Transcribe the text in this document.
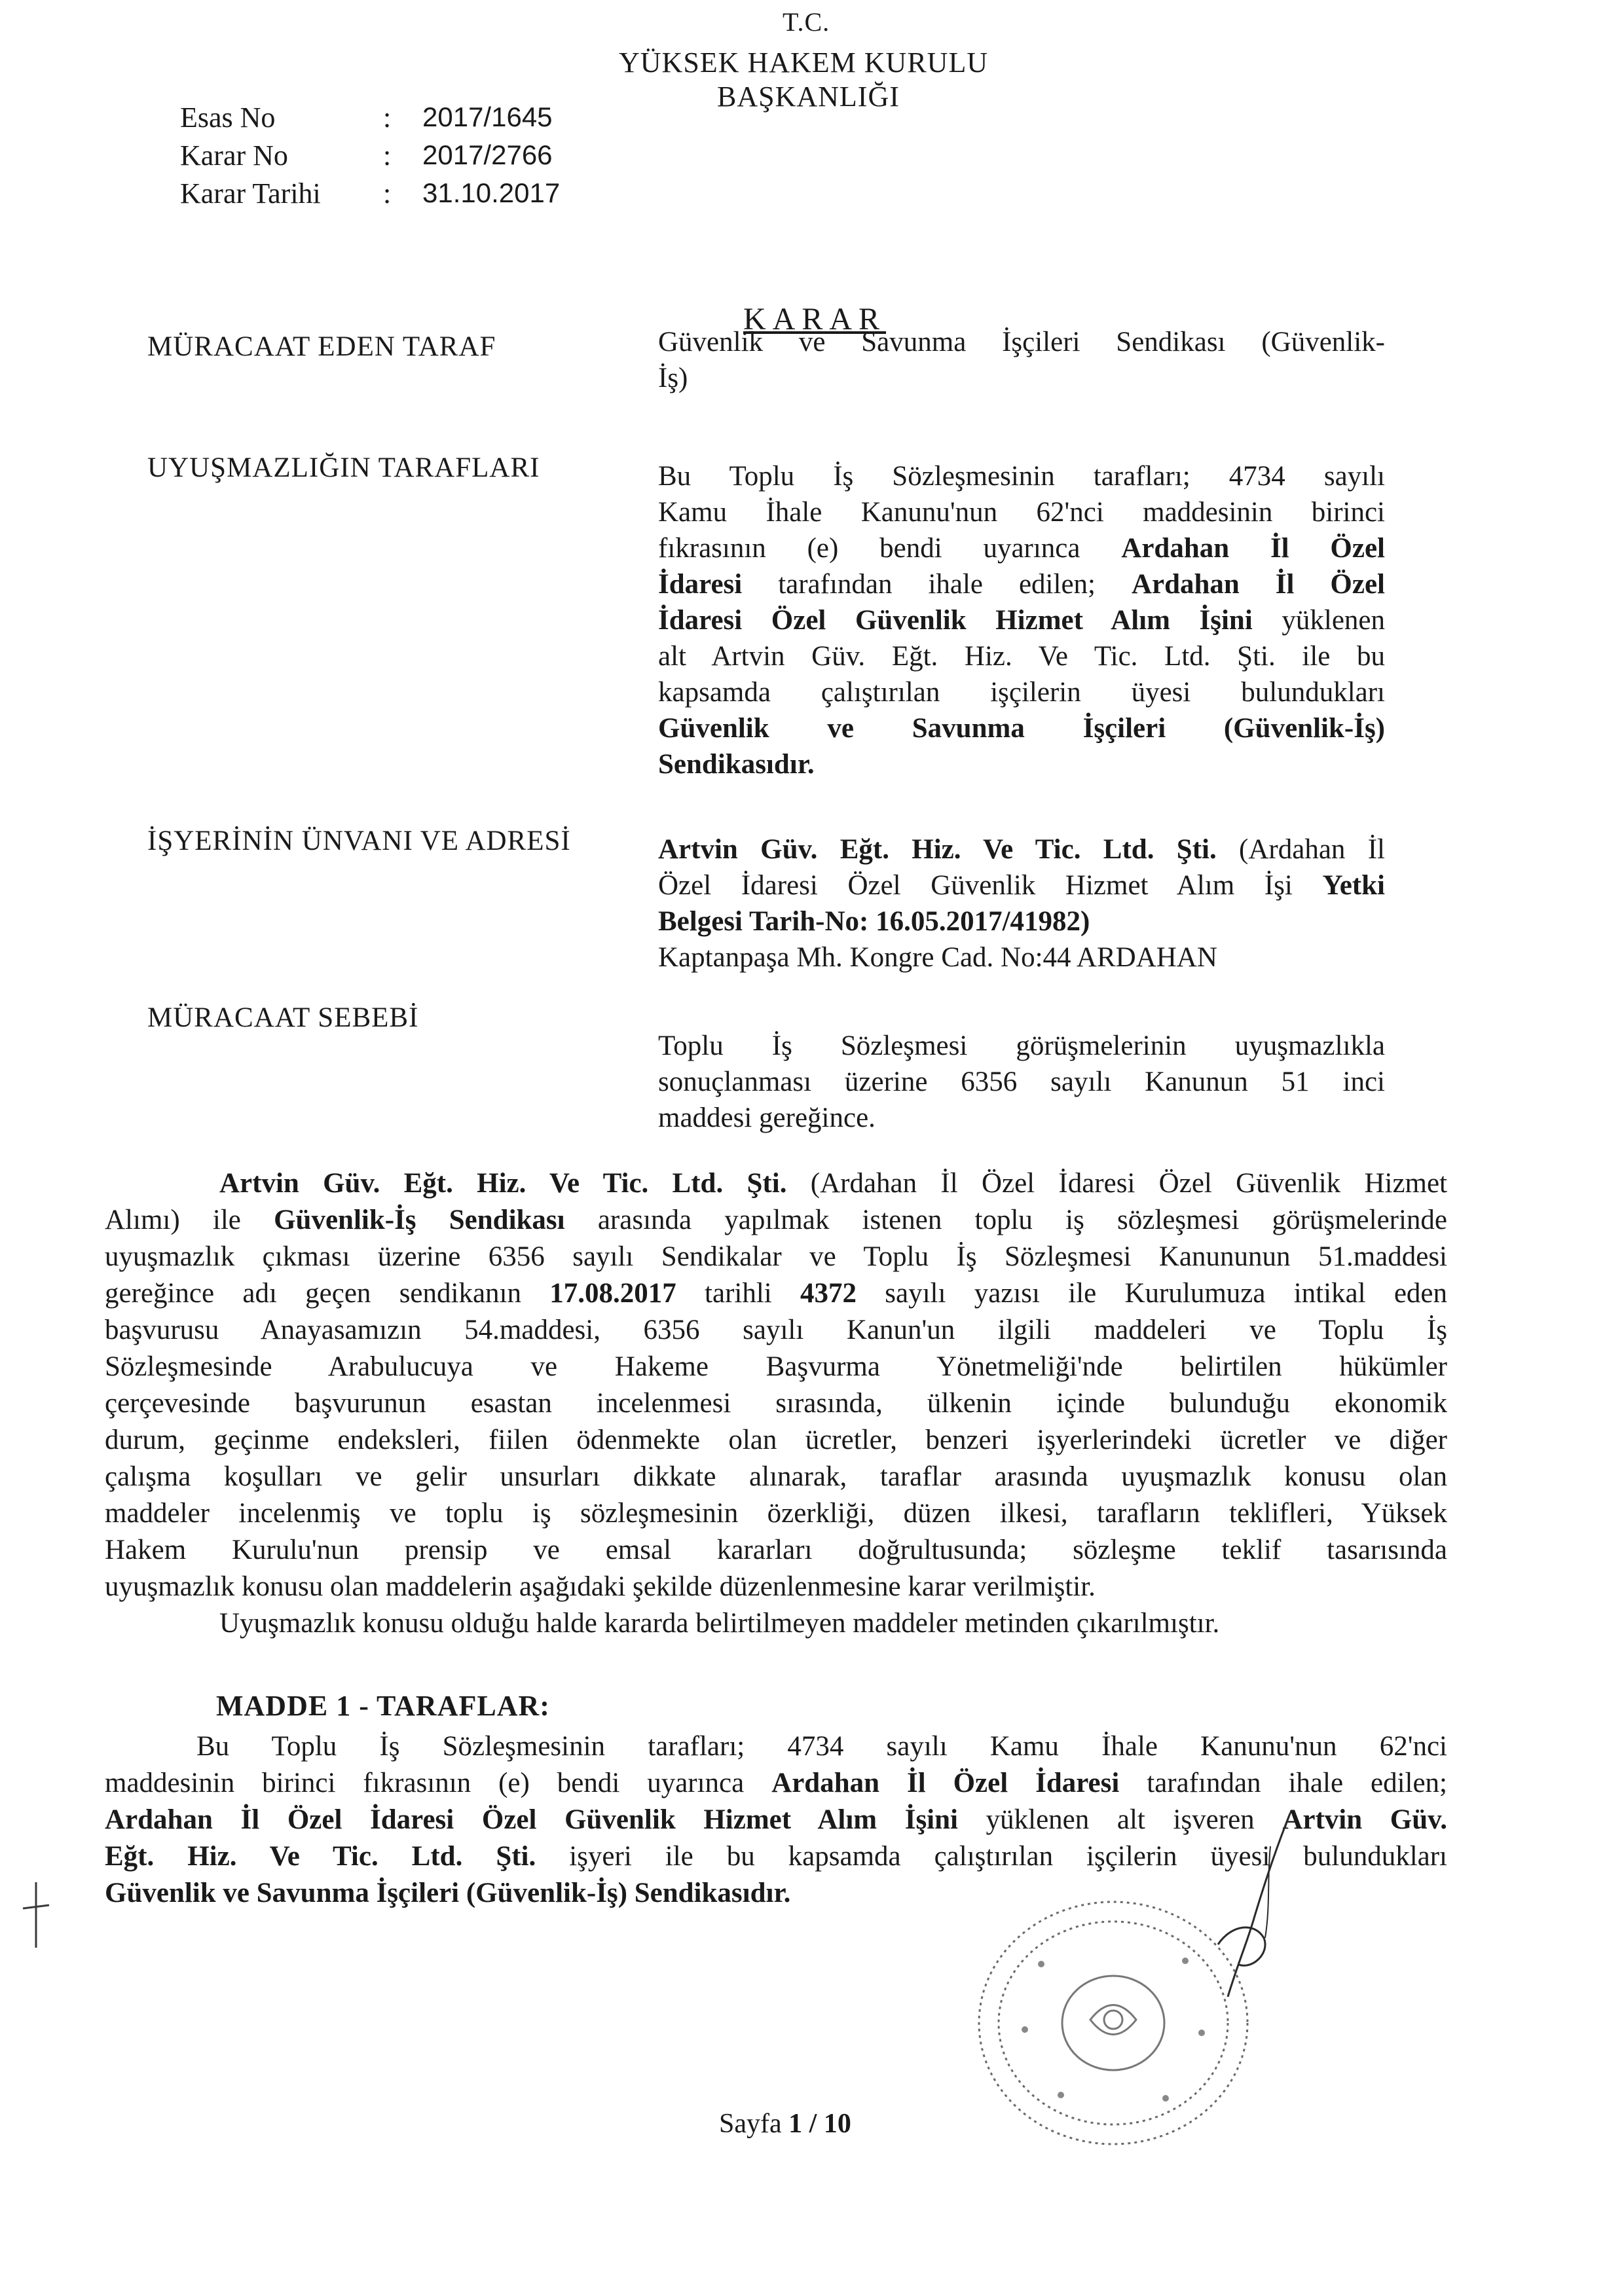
T.C.
YÜKSEK HAKEM KURULU
BAŞKANLIĞI
Esas No	:	2017/1645
Karar No	:	2017/2766
Karar Tarihi	:	31.10.2017
KARAR
MÜRACAAT EDEN TARAF	Güvenlik ve Savunma İşçileri Sendikası (Güvenlik-
İş)
UYUŞMAZLIĞIN TARAFLARI	Bu Toplu İş Sözleşmesinin tarafları; 4734 sayılı
Kamu İhale Kanunu'nun 62'nci maddesinin birinci
fıkrasının (e) bendi uyarınca Ardahan İl Özel
İdaresi tarafından ihale edilen; Ardahan İl Özel
İdaresi Özel Güvenlik Hizmet Alım İşini yüklenen
alt Artvin Güv. Eğt. Hiz. Ve Tic. Ltd. Şti. ile bu
kapsamda çalıştırılan işçilerin üyesi bulundukları
Güvenlik ve Savunma İşçileri (Güvenlik-İş)
Sendikasıdır.
İŞYERİNİN ÜNVANI VE ADRESİ	Artvin Güv. Eğt. Hiz. Ve Tic. Ltd. Şti. (Ardahan İl
Özel İdaresi Özel Güvenlik Hizmet Alım İşi Yetki
Belgesi Tarih-No: 16.05.2017/41982)
Kaptanpaşa Mh. Kongre Cad. No:44 ARDAHAN
MÜRACAAT SEBEBİ
Toplu İş Sözleşmesi görüşmelerinin uyuşmazlıkla
sonuçlanması üzerine 6356 sayılı Kanunun 51 inci
maddesi gereğince.
Artvin Güv. Eğt. Hiz. Ve Tic. Ltd. Şti. (Ardahan İl Özel İdaresi Özel Güvenlik Hizmet
Alımı) ile Güvenlik-İş Sendikası arasında yapılmak istenen toplu iş sözleşmesi görüşmelerinde
uyuşmazlık çıkması üzerine 6356 sayılı Sendikalar ve Toplu İş Sözleşmesi Kanununun 51.maddesi
gereğince adı geçen sendikanın 17.08.2017 tarihli 4372 sayılı yazısı ile Kurulumuza intikal eden
başvurusu Anayasamızın 54.maddesi, 6356 sayılı Kanun'un ilgili maddeleri ve Toplu İş
Sözleşmesinde Arabulucuya ve Hakeme Başvurma Yönetmeliği'nde belirtilen hükümler
çerçevesinde başvurunun esastan incelenmesi sırasında, ülkenin içinde bulunduğu ekonomik
durum, geçinme endeksleri, fiilen ödenmekte olan ücretler, benzeri işyerlerindeki ücretler ve diğer
çalışma koşulları ve gelir unsurları dikkate alınarak, taraflar arasında uyuşmazlık konusu olan
maddeler incelenmiş ve toplu iş sözleşmesinin özerkliği, düzen ilkesi, tarafların teklifleri, Yüksek
Hakem Kurulu'nun prensip ve emsal kararları doğrultusunda; sözleşme teklif tasarısında
uyuşmazlık konusu olan maddelerin aşağıdaki şekilde düzenlenmesine karar verilmiştir.
Uyuşmazlık konusu olduğu halde kararda belirtilmeyen maddeler metinden çıkarılmıştır.
MADDE 1 - TARAFLAR:
Bu Toplu İş Sözleşmesinin tarafları; 4734 sayılı Kamu İhale Kanunu'nun 62'nci
maddesinin birinci fıkrasının (e) bendi uyarınca Ardahan İl Özel İdaresi tarafından ihale edilen;
Ardahan İl Özel İdaresi Özel Güvenlik Hizmet Alım İşini yüklenen alt işveren Artvin Güv.
Eğt. Hiz. Ve Tic. Ltd. Şti. işyeri ile bu kapsamda çalıştırılan işçilerin üyesi bulundukları
Güvenlik ve Savunma İşçileri (Güvenlik-İş) Sendikasıdır.
Sayfa 1 / 10
